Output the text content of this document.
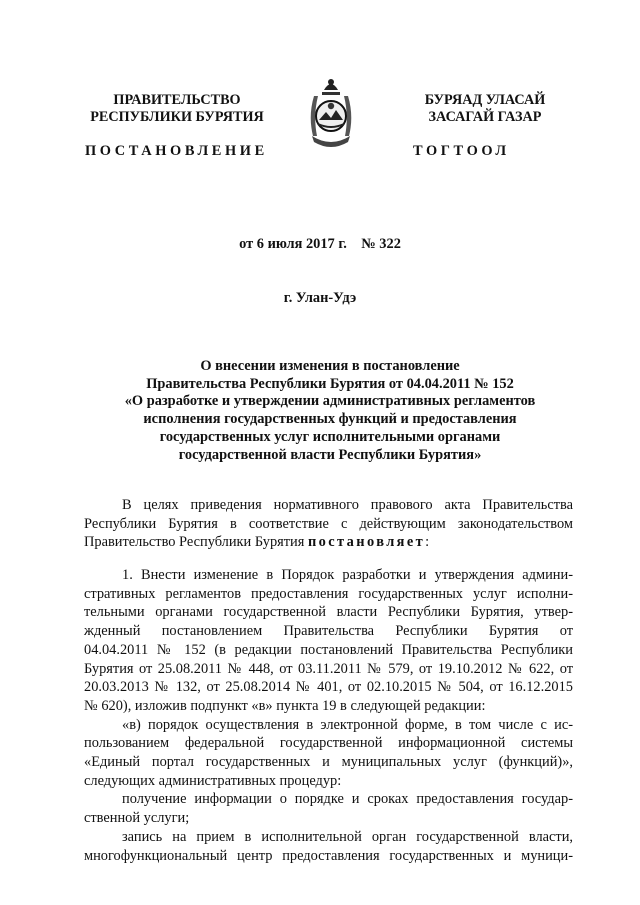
ПРАВИТЕЛЬСТВО
РЕСПУБЛИКИ БУРЯТИЯ
БУРЯАД УЛАСАЙ
ЗАСАГАЙ ГАЗАР
ПОСТАНОВЛЕНИЕ	ТОГТООЛ
от 6 июля 2017 г.    № 322
г. Улан-Удэ
О внесении изменения в постановление
Правительства Республики Бурятия от 04.04.2011 № 152
«О разработке и утверждении административных регламентов
исполнения государственных функций и предоставления
государственных услуг исполнительными органами
государственной власти Республики Бурятия»
В целях приведения нормативного правового акта Правительства
Республики Бурятия в соответствие с действующим законодательством
Правительство Республики Бурятия постановляет:
1. Внести изменение в Порядок разработки и утверждения админи-
стративных регламентов предоставления государственных услуг исполни-
тельными органами государственной власти Республики Бурятия, утвер-
жденный постановлением Правительства Республики Бурятия от
04.04.2011 № 152 (в редакции постановлений Правительства Республики
Бурятия от 25.08.2011 № 448, от 03.11.2011 № 579, от 19.10.2012 № 622, от
20.03.2013 № 132, от 25.08.2014 № 401, от 02.10.2015 № 504, от 16.12.2015
№ 620), изложив подпункт «в» пункта 19 в следующей редакции:
«в) порядок осуществления в электронной форме, в том числе с ис-
пользованием федеральной государственной информационной системы
«Единый портал государственных и муниципальных услуг (функций)»,
следующих административных процедур:
получение информации о порядке и сроках предоставления государ-
ственной услуги;
запись на прием в исполнительной орган государственной власти,
многофункциональный центр предоставления государственных и муници-
